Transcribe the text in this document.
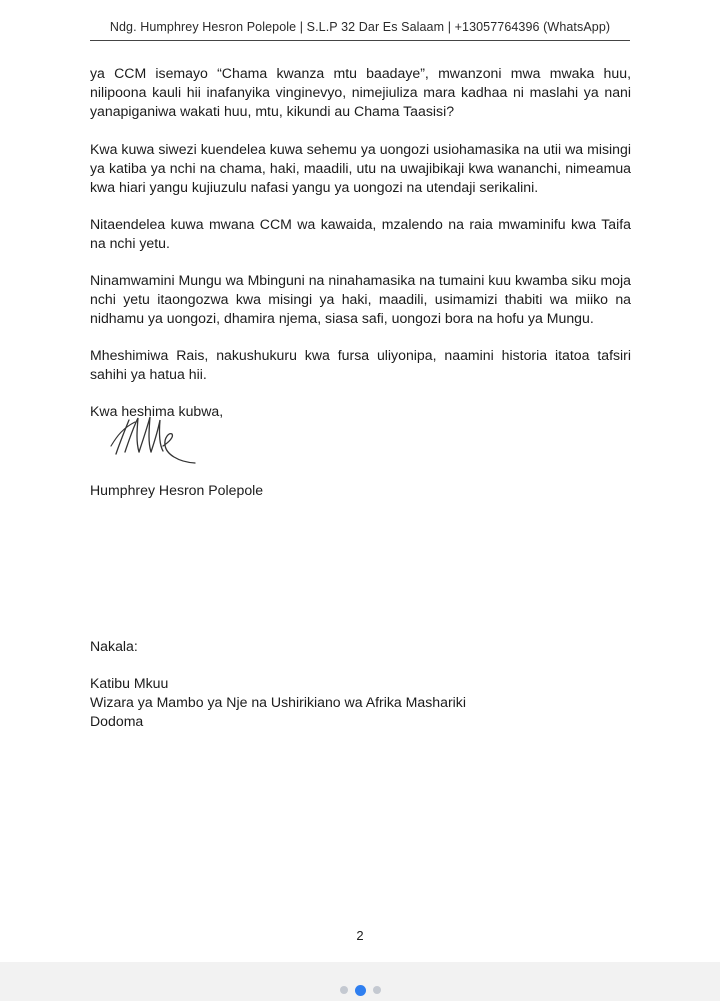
Ndg. Humphrey Hesron Polepole | S.L.P 32 Dar Es Salaam | +13057764396 (WhatsApp)

ya CCM isemayo “Chama kwanza mtu baadaye”, mwanzoni mwa mwaka huu, nilipoona kauli hii inafanyika vinginevyo, nimejiuliza mara kadhaa ni maslahi ya nani yanapiganiwa wakati huu, mtu, kikundi au Chama Taasisi?

Kwa kuwa siwezi kuendelea kuwa sehemu ya uongozi usiohamasika na utii wa misingi ya katiba ya nchi na chama, haki, maadili, utu na uwajibikaji kwa wananchi, nimeamua kwa hiari yangu kujiuzulu nafasi yangu ya uongozi na utendaji serikalini.

Nitaendelea kuwa mwana CCM wa kawaida, mzalendo na raia mwaminifu kwa Taifa na nchi yetu.

Ninamwamini Mungu wa Mbinguni na ninahamasika na tumaini kuu kwamba siku moja nchi yetu itaongozwa kwa misingi ya haki, maadili, usimamizi thabiti wa miiko na nidhamu ya uongozi, dhamira njema, siasa safi, uongozi bora na hofu ya Mungu.

Mheshimiwa Rais, nakushukuru kwa fursa uliyonipa, naamini historia itatoa tafsiri sahihi ya hatua hii.

Kwa heshima kubwa,

Humphrey Hesron Polepole
Nakala:
Katibu Mkuu
Wizara ya Mambo ya Nje na Ushirikiano wa Afrika Mashariki
Dodoma
2
